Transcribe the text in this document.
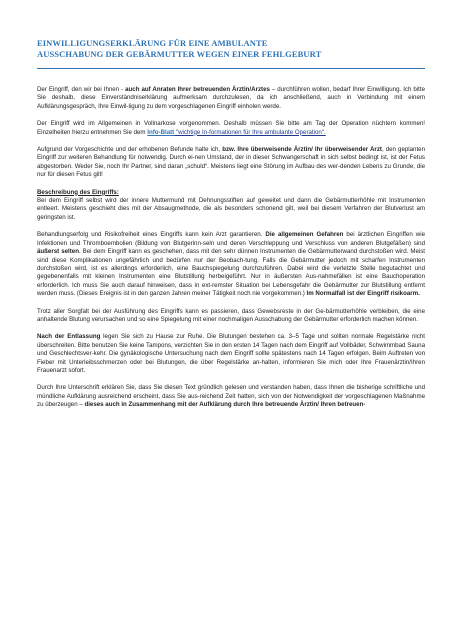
EINWILLIGUNGSERKLÄRUNG FÜR EINE AMBULANTE
AUSSCHABUNG DER GEBÄRMUTTER WEGEN EINER FEHLGEBURT

Der Eingriff, den wir bei Ihnen - auch auf Anraten Ihrer betreuenden Ärztin/Arztes – durchführen wollen, bedarf Ihrer Einwilligung. Ich bitte Sie deshalb, diese Einverständniserklärung aufmerksam durchzulesen, da ich anschließend, auch in Verbindung mit einem Aufklärungsgespräch, Ihre Einwil-ligung zu dem vorgeschlagenen Eingriff einholen werde.

Der Eingriff wird im Allgemeinen in Vollnarkose vorgenommen. Deshalb müssen Sie bitte am Tag der Operation nüchtern kommen! Einzelheiten hierzu entnehmen Sie dem Info-Blatt "wichtige In-formationen für Ihre ambulante Operation".

Aufgrund der Vorgeschichte und der erhobenen Befunde halte ich, bzw. Ihre überweisende Ärztin/ Ihr überweisender Arzt, den geplanten Eingriff zur weiteren Behandlung für notwendig. Durch ei-nen Umstand, der in dieser Schwangerschaft in sich selbst bedingt ist, ist der Fetus abgestorben. Weder Sie, noch Ihr Partner, sind daran „schuld“. Meistens liegt eine Störung im Aufbau des wer-denden Lebens zu Grunde, die nur für diesen Fetus gilt!

Beschreibung des Eingriffs:
Bei dem Eingriff selbst wird der innere Muttermund mit Dehnungsstiften auf geweitet und dann die Gebärmutterhöhle mit Instrumenten entleert. Meistens geschieht dies mit der Absaugmethode, die als besonders schonend gilt, weil bei diesem Verfahren der Blutverlust am geringsten ist.

Behandlungserfolg und Risikofreiheit eines Eingriffs kann kein Arzt garantieren. Die allgemeinen Gefahren bei ärztlichen Eingriffen wie Infektionen und Thromboembolien (Bildung von Blutgerinn-seln und deren Verschleppung und Verschluss von anderen Blutgefäßen) sind äußerst selten. Bei dem Eingriff kann es geschehen, dass mit den sehr dünnen Instrumenten die Gebärmutterwand durchstoßen wird. Meist sind diese Komplikationen ungefährlich und bedürfen nur der Beobach-tung. Falls die Gebärmutter jedoch mit scharfen Instrumenten durchstoßen wird, ist es allerdings erforderlich, eine Bauchspiegelung durchzuführen. Dabei wird die verletzte Stelle begutachtet und gegebenenfalls mit kleinen Instrumenten eine Blutstillung herbeigeführt. Nur in äußersten Aus-nahmefällen ist eine Bauchoperation erforderlich. Ich muss Sie auch darauf hinweisen, dass in ext-remster Situation bei Lebensgefahr die Gebärmutter zur Blutstillung entfernt werden muss. (Dieses Ereignis ist in den ganzen Jahren meiner Tätigkeit noch nie vorgekommen.) Im Normalfall ist der Eingriff risikoarm.

Trotz aller Sorgfalt bei der Ausführung des Eingriffs kann es passieren, dass Gewebsreste in der Ge-bärmutterhöhle verbleiben, die eine anhaltende Blutung verursachen und so eine Spiegelung mit einer nochmaligen Ausschabung der Gebärmutter erforderlich machen können.

Nach der Entlassung legen Sie sich zu Hause zur Ruhe. Die Blutungen bestehen ca. 3–5 Tage und sollten normale Regelstärke nicht überschreiten. Bitte benutzen Sie keine Tampons, verzichten Sie in den ersten 14 Tagen nach dem Eingriff auf Vollbäder, Schwimmbad Sauna und Geschlechtsver-kehr. Die gynäkologische Untersuchung nach dem Eingriff sollte spätestens nach 14 Tagen erfolgen. Beim Auftreten von Fieber mit Unterleibsschmerzen oder bei Blutungen, die über Regelstärke an-halten, informieren Sie mich oder Ihre Frauenärztin/Ihren Frauenarzt sofort.

Durch Ihre Unterschrift erklären Sie, dass Sie diesen Text gründlich gelesen und verstanden haben, dass Ihnen die bisherige schriftliche und mündliche Aufklärung ausreichend erscheint, dass Sie aus-reichend Zeit hatten, sich von der Notwendigkeit der vorgeschlagenen Maßnahme zu überzeugen – dieses auch in Zusammenhang mit der Aufklärung durch Ihre betreuende Ärztin/ Ihren betreuen-
